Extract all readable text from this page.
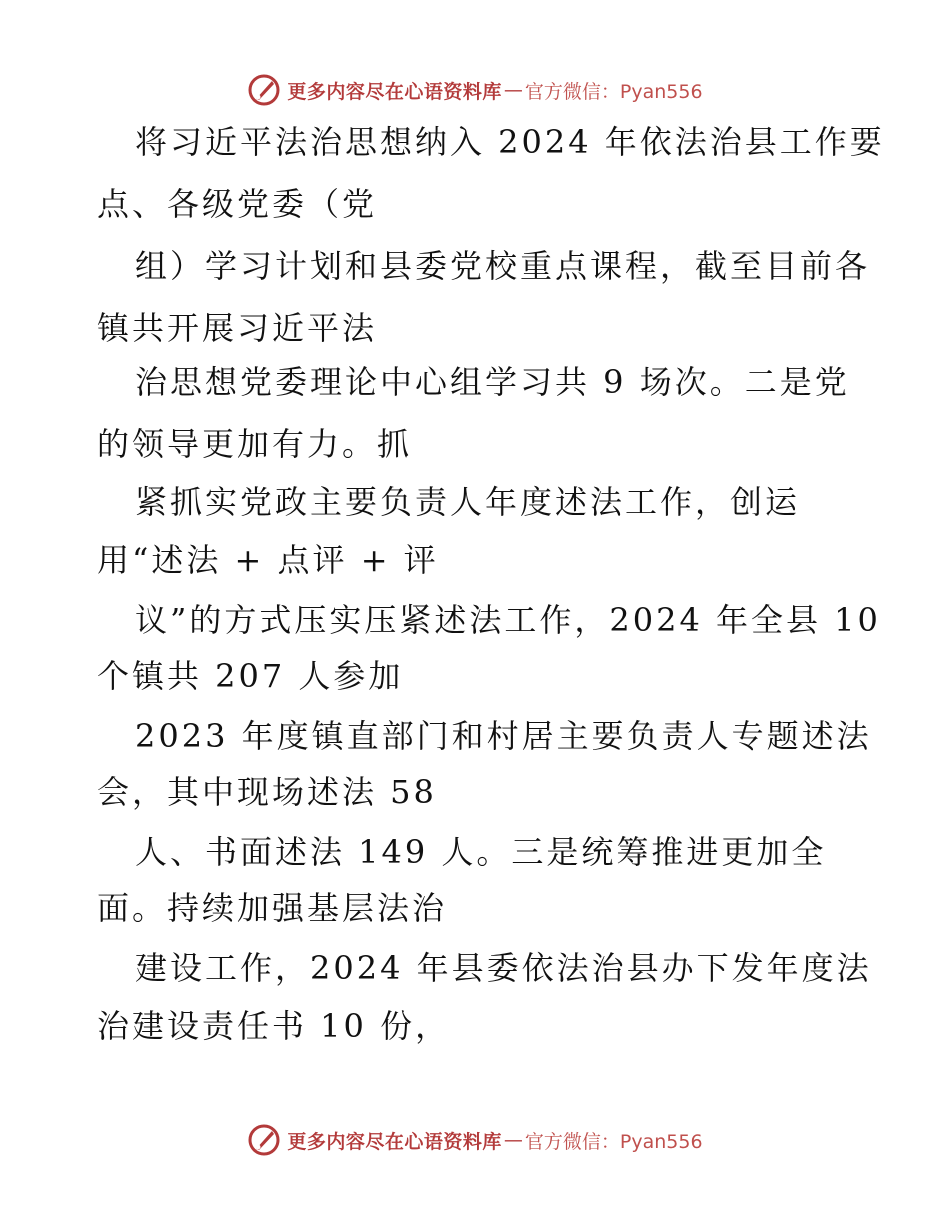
更多内容尽在心语资料库 — 官方微信：Pyan556
将习近平法治思想纳入 2024 年依法治县工作要
点、各级党委（党
组）学习计划和县委党校重点课程，截至目前各
镇共开展习近平法
治思想党委理论中心组学习共 9 场次。二是党
的领导更加有力。抓
紧抓实党政主要负责人年度述法工作，创运
用“述法 + 点评 + 评
议”的方式压实压紧述法工作，2024 年全县 10
个镇共 207 人参加
2023 年度镇直部门和村居主要负责人专题述法
会，其中现场述法 58
人、书面述法 149 人。三是统筹推进更加全
面。持续加强基层法治
建设工作，2024 年县委依法治县办下发年度法
治建设责任书 10 份，
更多内容尽在心语资料库 — 官方微信：Pyan556
